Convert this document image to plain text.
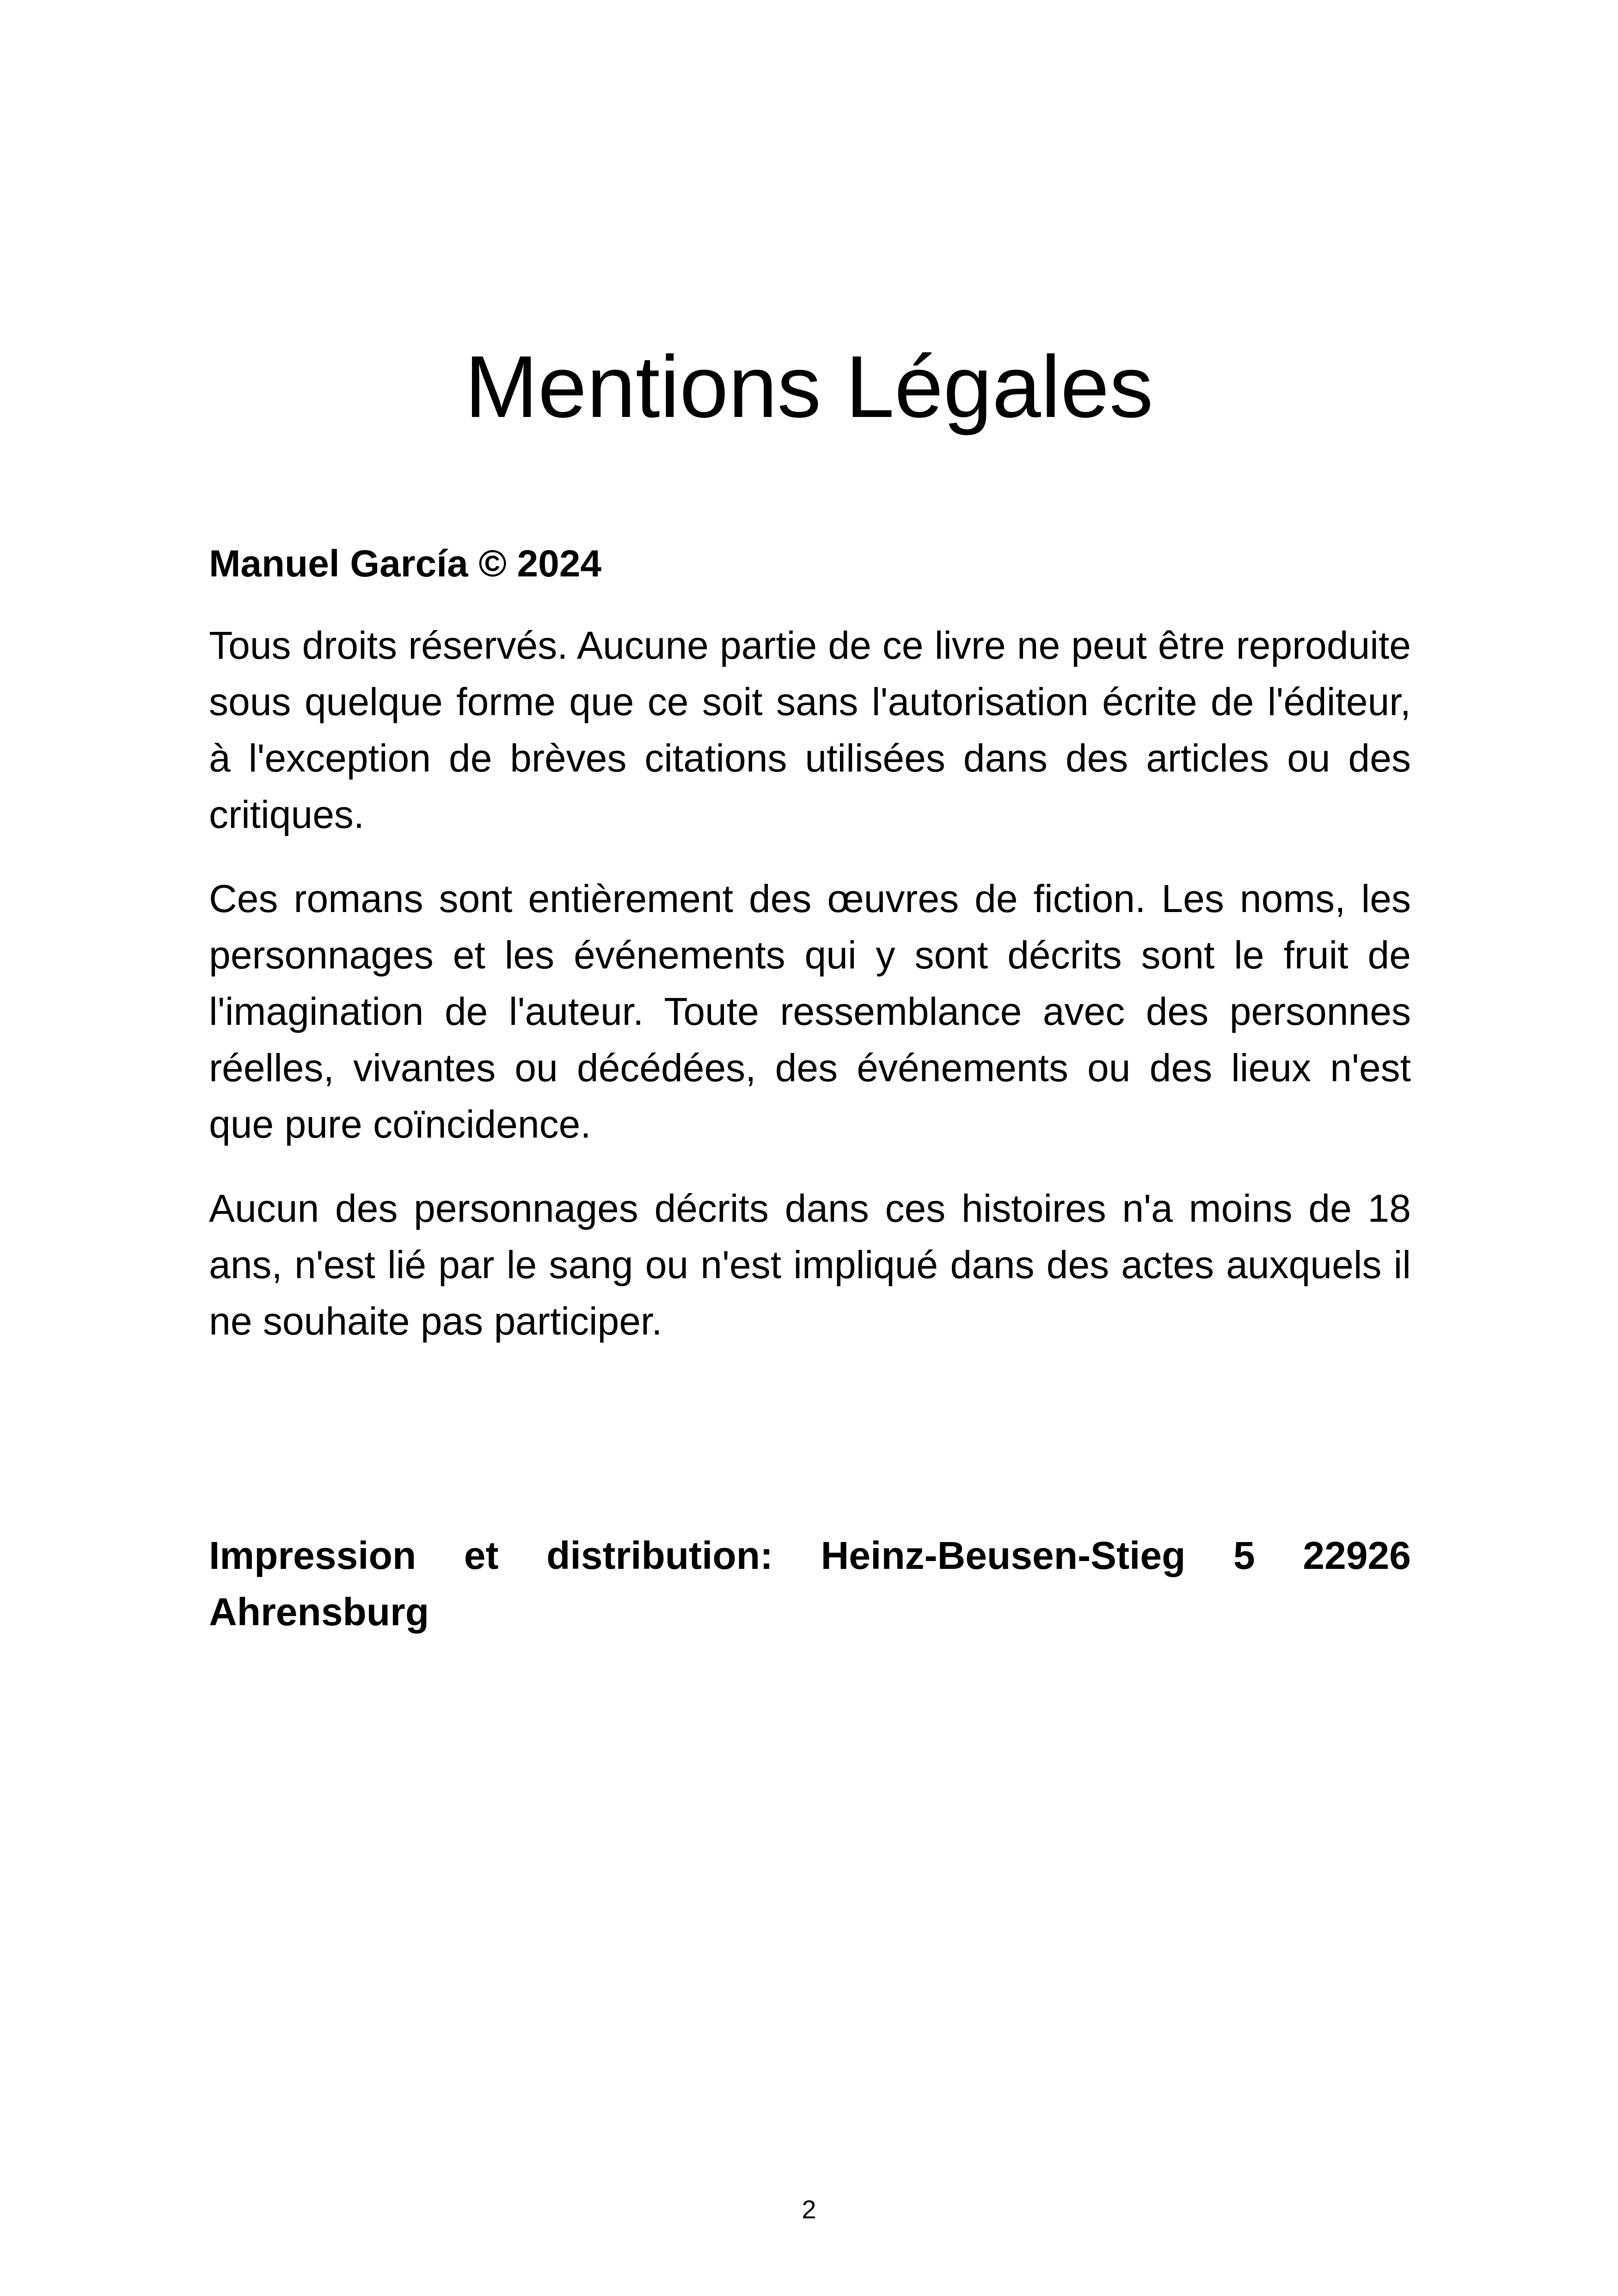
Mentions Légales

Manuel García © 2024

Tous droits réservés. Aucune partie de ce livre ne peut être reproduite sous quelque forme que ce soit sans l'autorisation écrite de l'éditeur, à l'exception de brèves citations utilisées dans des articles ou des critiques.

Ces romans sont entièrement des œuvres de fiction. Les noms, les personnages et les événements qui y sont décrits sont le fruit de l'imagination de l'auteur. Toute ressemblance avec des personnes réelles, vivantes ou décédées, des événements ou des lieux n'est que pure coïncidence.

Aucun des personnages décrits dans ces histoires n'a moins de 18 ans, n'est lié par le sang ou n'est impliqué dans des actes auxquels il ne souhaite pas participer.

Impression et distribution: Heinz-Beusen-Stieg 5 22926 Ahrensburg

2
